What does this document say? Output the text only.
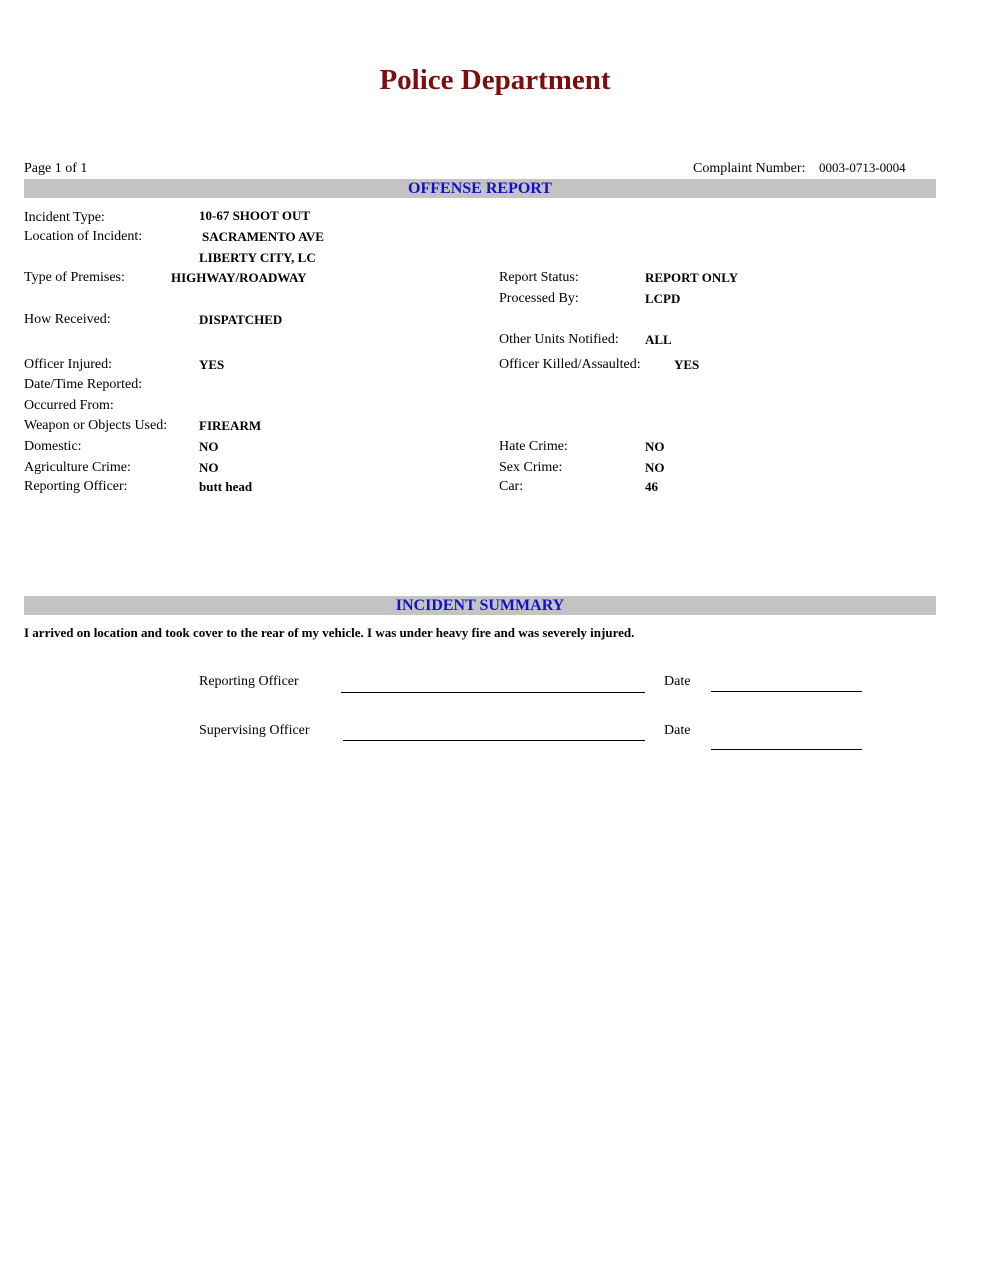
Police Department
Page 1 of 1	Complaint Number: 0003-0713-0004
OFFENSE REPORT
Incident Type:	10-67 SHOOT OUT
Location of Incident:	SACRAMENTO AVE
LIBERTY CITY, LC
Type of Premises:	HIGHWAY/ROADWAY	Report Status:	REPORT ONLY
Processed By:	LCPD
How Received:	DISPATCHED
Other Units Notified: ALL
Officer Injured:	YES	Officer Killed/Assaulted:	YES
Date/Time Reported:
Occurred From:
Weapon or Objects Used: FIREARM
Domestic:	NO	Hate Crime:	NO
Agriculture Crime:	NO	Sex Crime:	NO
Reporting Officer:	butt head	Car:	46
INCIDENT SUMMARY
I arrived on location and took cover to the rear of my vehicle. I was under heavy fire and was severely injured.
Reporting Officer	Date
Supervising Officer	Date
